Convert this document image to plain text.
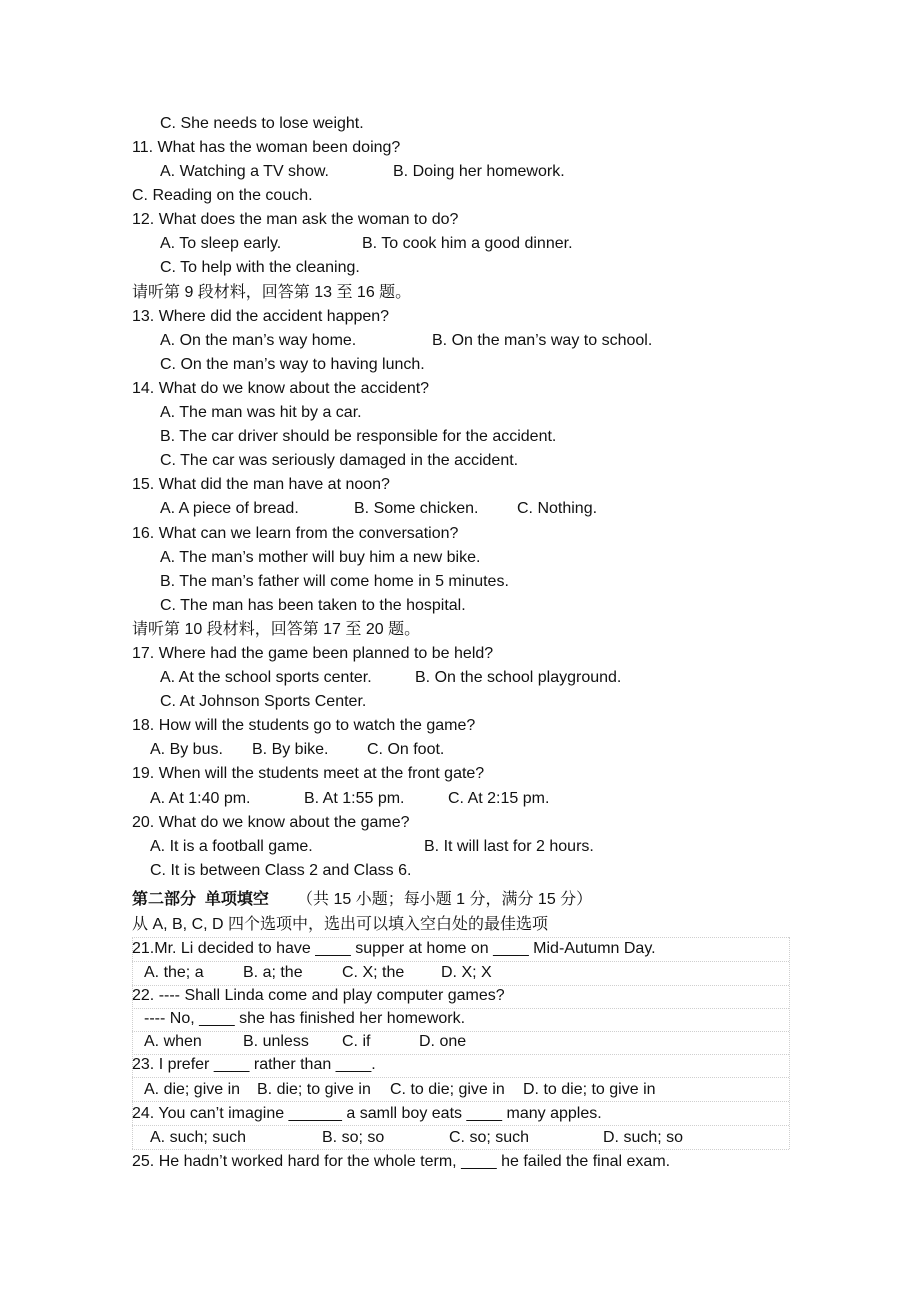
C. She needs to lose weight.
11. What has the woman been doing?
A. Watching a TV show.	B. Doing her homework.
C. Reading on the couch.
12. What does the man ask the woman to do?
A. To sleep early.	B. To cook him a good dinner.
C. To help with the cleaning.
请听第 9 段材料，回答第 13 至 16 题。
13. Where did the accident happen?
A. On the man’s way home.	B. On the man’s way to school.
C. On the man’s way to having lunch.
14. What do we know about the accident?
A. The man was hit by a car.
B. The car driver should be responsible for the accident.
C. The car was seriously damaged in the accident.
15. What did the man have at noon?
A. A piece of bread.	B. Some chicken. C. Nothing.
16. What can we learn from the conversation?
A. The man’s mother will buy him a new bike.
B. The man’s father will come home in 5 minutes.
C. The man has been taken to the hospital.
请听第 10 段材料，回答第 17 至 20 题。
17. Where had the game been planned to be held?
A. At the school sports center.	B. On the school playground.
C. At Johnson Sports Center.
18. How will the students go to watch the game?
A. By bus. B. By bike. C. On foot.
19. When will the students meet at the front gate?
A. At 1:40 pm.	B. At 1:55 pm.	C. At 2:15 pm.
20. What do we know about the game?
A. It is a football game.	B. It will last for 2 hours.
C. It is between Class 2 and Class 6.
第二部分  单项填空 （共 15 小题；每小题 1 分，满分 15 分）
从 A, B, C, D 四个选项中，选出可以填入空白处的最佳选项
21.Mr. Li decided to have ____ supper at home on ____ Mid-Autumn Day.
A. the; a B. a; the C. X; the D. X; X
22. ---- Shall Linda come and play computer games?
---- No, ____ she has finished her homework.
A. when	B. unless C. if	D. one
23. I prefer ____ rather than ____.
A. die; give in B. die; to give in C. to die; give in D. to die; to give in
24. You can’t imagine ______ a samll boy eats ____ many apples.
A. such; such	B. so; so	C. so; such	D. such; so
25. He hadn’t worked hard for the whole term, ____ he failed the final exam.
